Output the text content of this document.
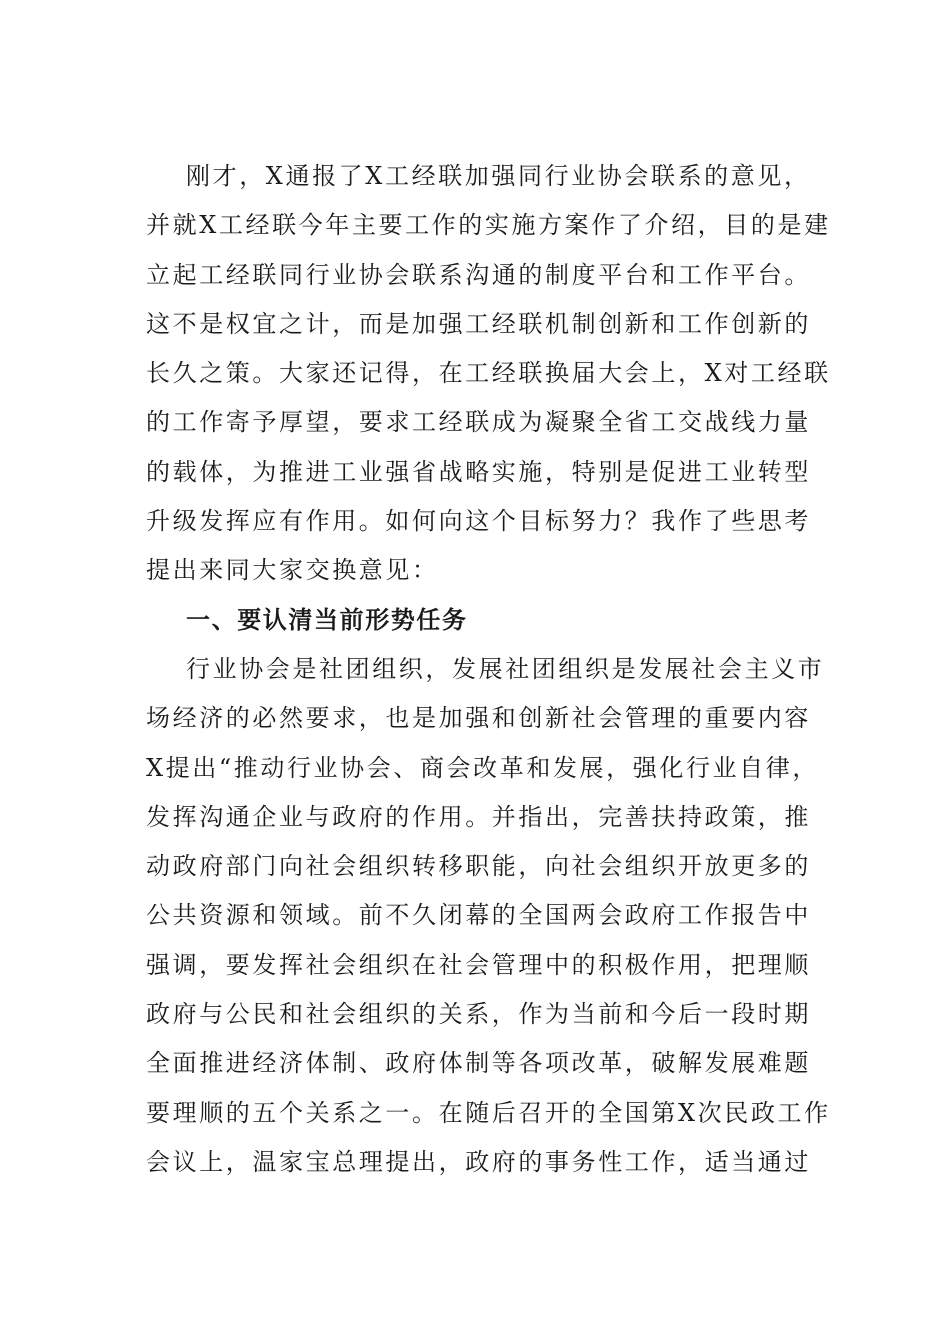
刚才，X通报了X工经联加强同行业协会联系的意见，
并就X工经联今年主要工作的实施方案作了介绍，目的是建
立起工经联同行业协会联系沟通的制度平台和工作平台。
这不是权宜之计，而是加强工经联机制创新和工作创新的
长久之策。大家还记得，在工经联换届大会上，X对工经联
的工作寄予厚望，要求工经联成为凝聚全省工交战线力量
的载体，为推进工业强省战略实施，特别是促进工业转型
升级发挥应有作用。如何向这个目标努力？我作了些思考
提出来同大家交换意见：
一、要认清当前形势任务
行业协会是社团组织，发展社团组织是发展社会主义市
场经济的必然要求，也是加强和创新社会管理的重要内容
X提出“推动行业协会、商会改革和发展，强化行业自律，
发挥沟通企业与政府的作用。并指出，完善扶持政策，推
动政府部门向社会组织转移职能，向社会组织开放更多的
公共资源和领域。前不久闭幕的全国两会政府工作报告中
强调，要发挥社会组织在社会管理中的积极作用，把理顺
政府与公民和社会组织的关系，作为当前和今后一段时期
全面推进经济体制、政府体制等各项改革，破解发展难题
要理顺的五个关系之一。在随后召开的全国第X次民政工作
会议上，温家宝总理提出，政府的事务性工作，适当通过
